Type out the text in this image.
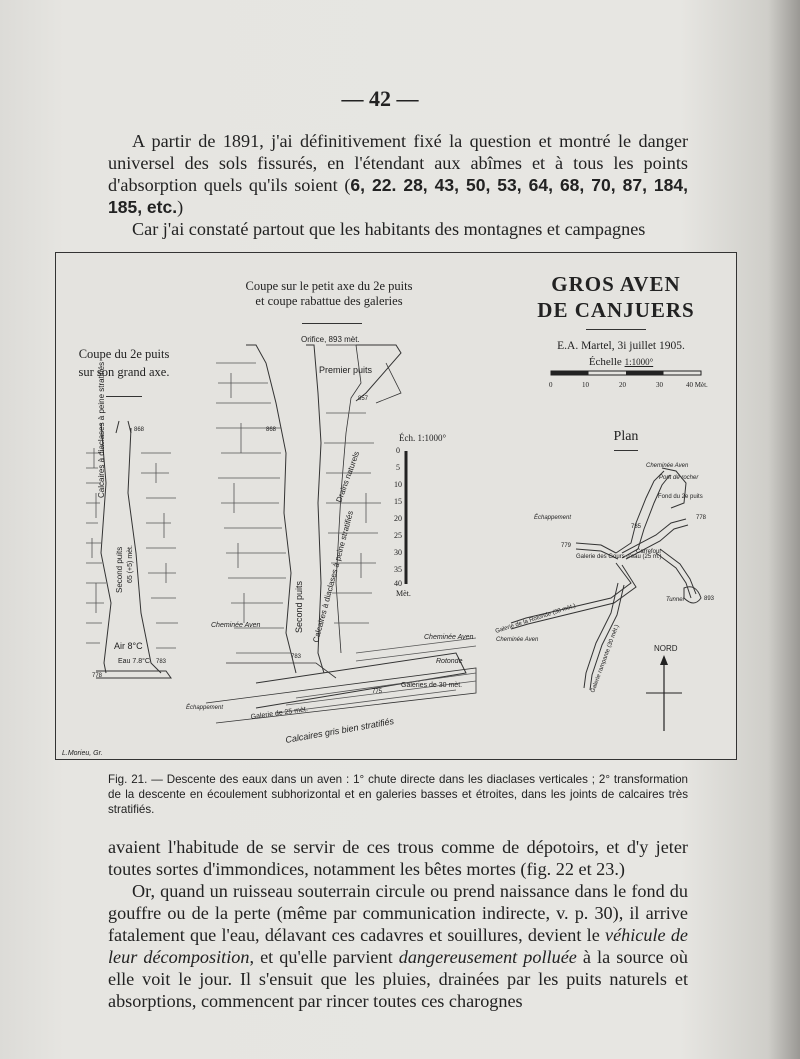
— 42 —

A partir de 1891, j'ai définitivement fixé la question et montré le danger universel des sols fissurés, en l'étendant aux abîmes et à tous les points d'absorption quels qu'ils soient (6, 22. 28, 43, 50, 53, 64, 68, 70, 87, 184, 185, etc.)

Car j'ai constaté partout que les habitants des montagnes et campagnes

Calcaires à diaclases à peine stratifiés
Second puits 65 (+5) mèt.
Air 8°C
Eau 7.8°C
868
783
778
Orifice, 893 mèt.
Premier puits
Second puits Calcaires à diaclases à peine stratifiés
Drains naturels
Calcaires gris bien stratifiés
Galeries de 30 mèt.
Galerie de 25 mèt.
Cheminée Aven
Cheminée Aven
Échappement
Rotonde
868
857
783
775
Éch. 1:1000°
0
5
10
15
20
25
30
35
40
Mèt.
0	10	20	30	40 Mèt.
NORD
Cheminée Aven
Pont de rocher
Fond du 2e puits
Échappement
Galerie des Gours d'eau (25 m.)
Carrefour
Galerie de la Rotonde (30 mèt.)
Galerie rampante (30 mèt.)
Cheminée Aven
Tunnel
779
778
893
785
L.Morieu, Gr.
Coupe sur le petit axe du 2e puits
et coupe rabattue des galeries
Coupe du 2e puits
sur son grand axe.
GROS AVEN
DE CANJUERS
E.A. Martel, 3i juillet 1905.
Échelle 1:1000°
Plan
Fig. 21. — Descente des eaux dans un aven : 1° chute directe dans les diaclases verticales ; 2° transformation de la descente en écoulement subhorizontal et en galeries basses et étroites, dans les joints de calcaires très stratifiés.

avaient l'habitude de se servir de ces trous comme de dépotoirs, et d'y jeter toutes sortes d'immondices, notamment les bêtes mortes (fig. 22 et 23.)

Or, quand un ruisseau souterrain circule ou prend naissance dans le fond du gouffre ou de la perte (même par communication indirecte, v. p. 30), il arrive fatalement que l'eau, délavant ces cadavres et souillures, devient le véhicule de leur décomposition, et qu'elle parvient dangereusement polluée à la source où elle voit le jour. Il s'ensuit que les pluies, drainées par les puits naturels et absorptions, commencent par rincer toutes ces charognes
